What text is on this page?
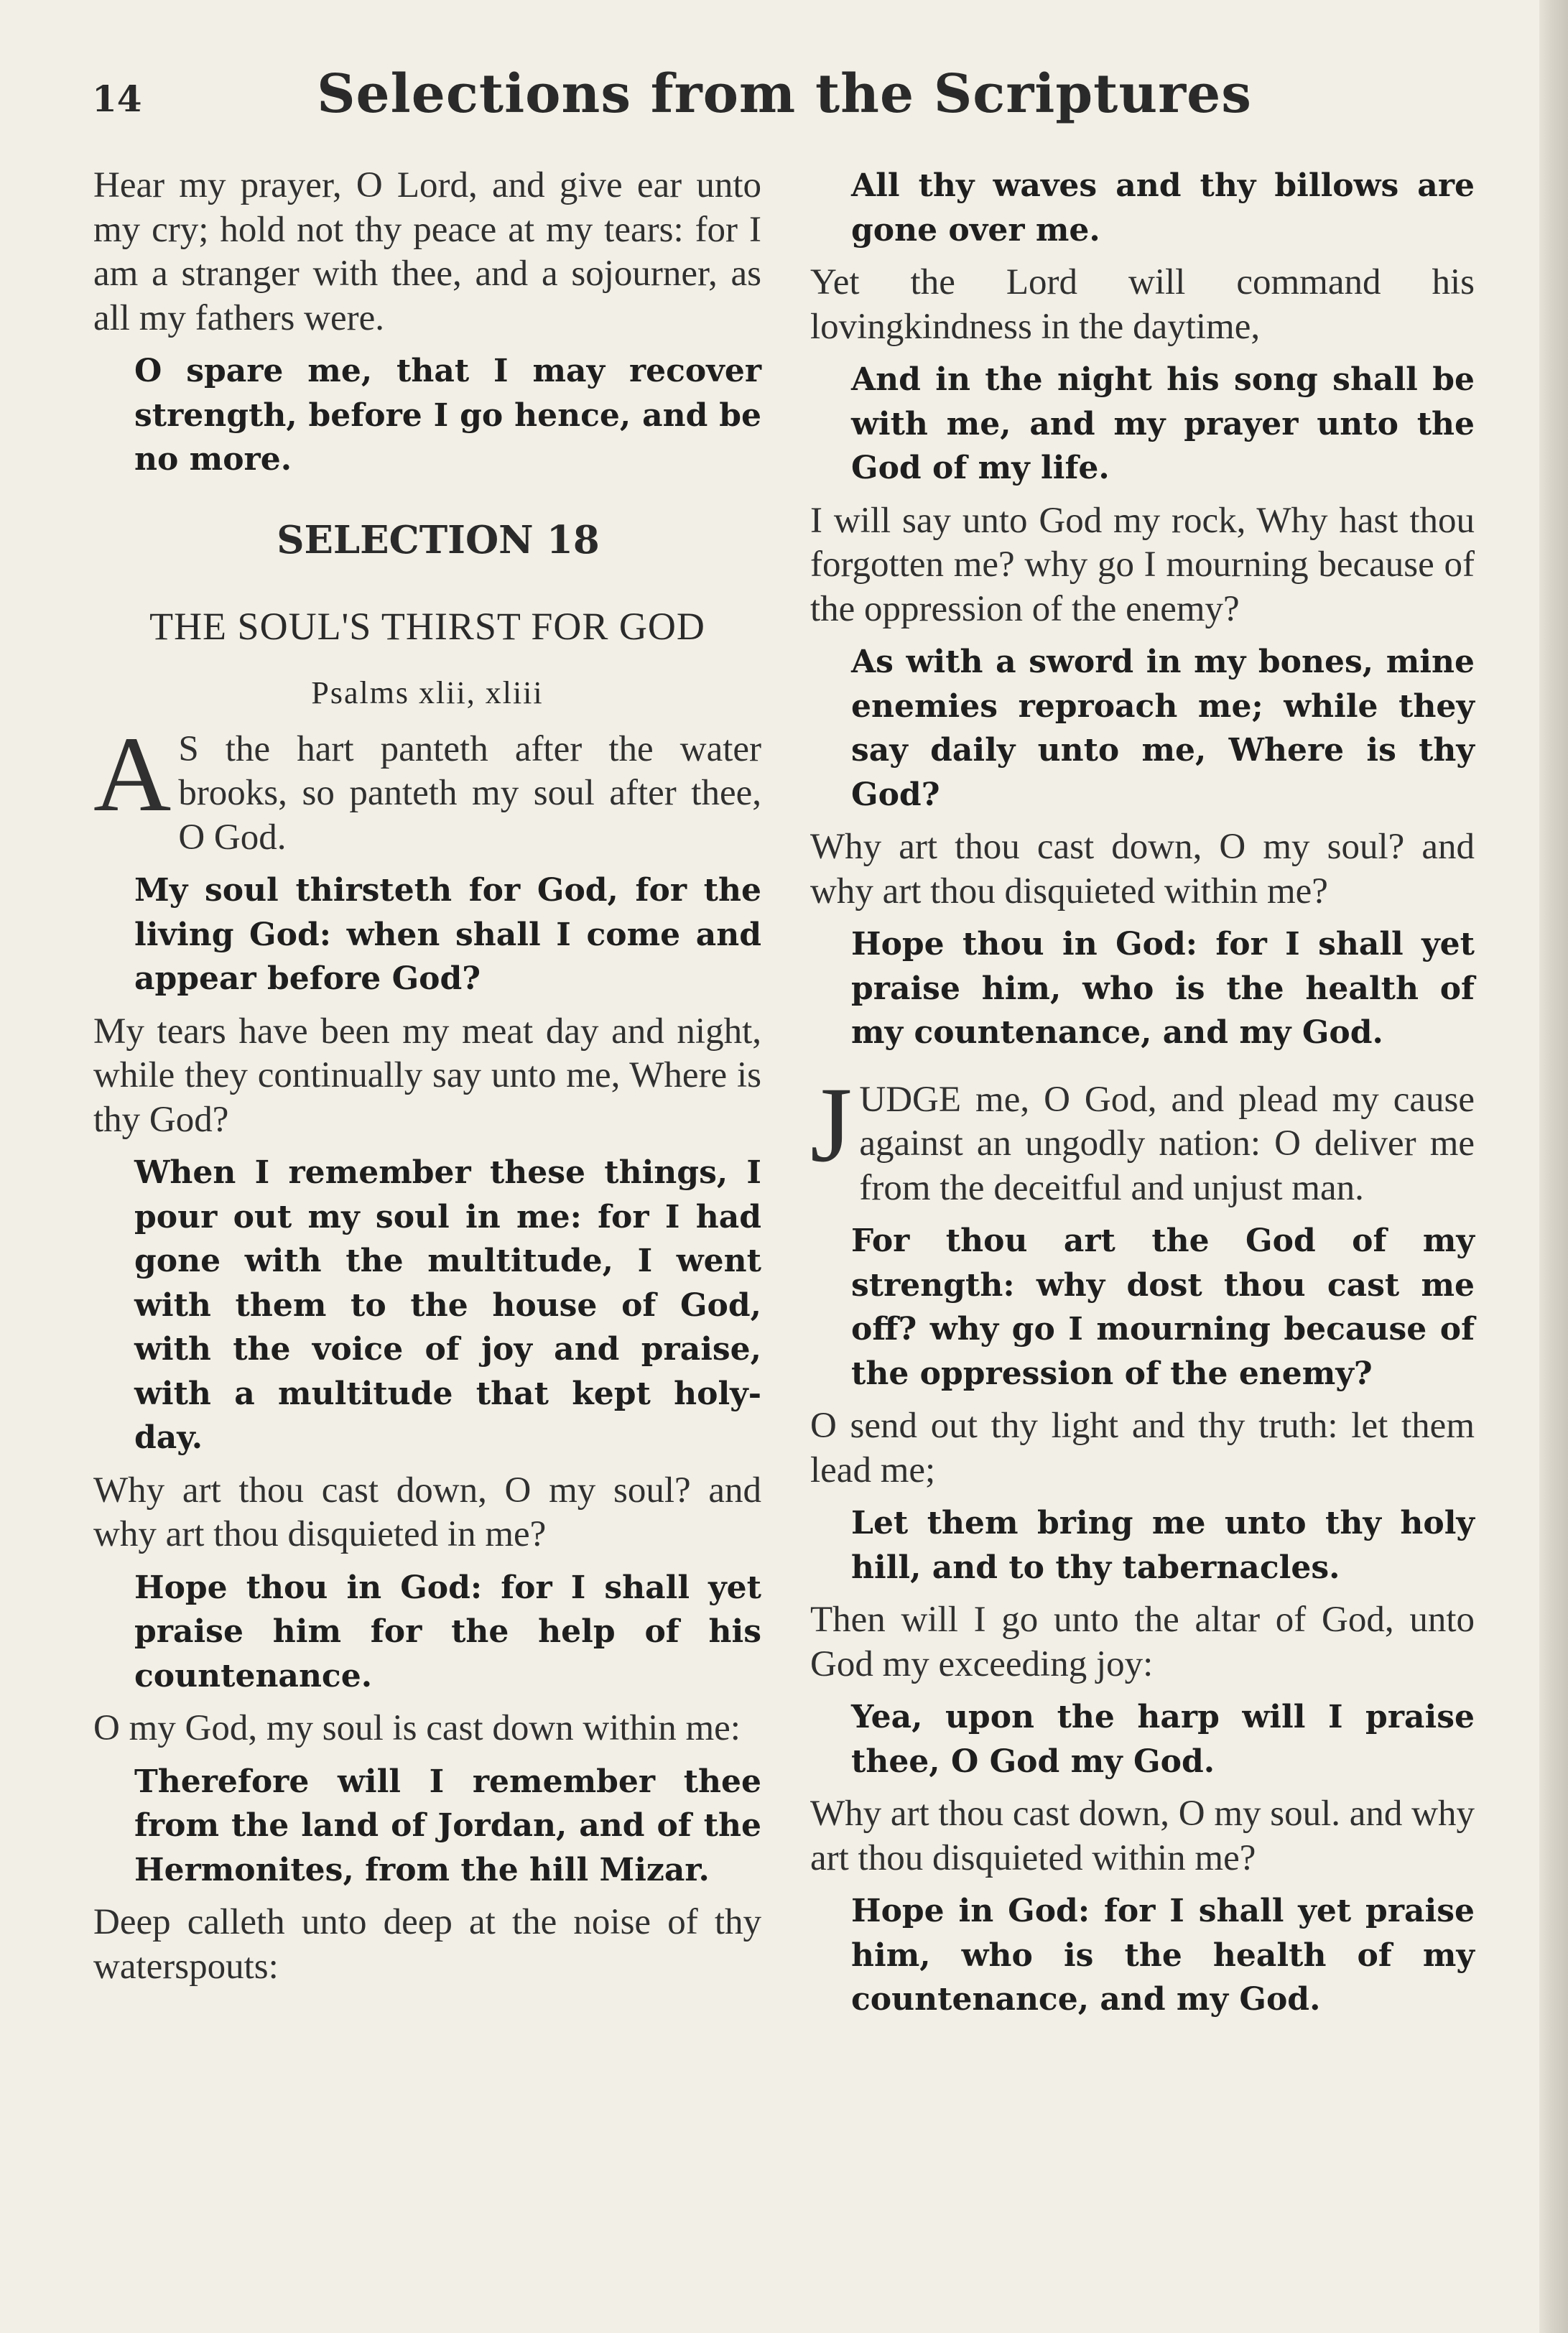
14	Selections from the Scriptures

Hear my prayer, O Lord, and give ear unto my cry; hold not thy peace at my tears: for I am a stranger with thee, and a sojourner, as all my fathers were.

O spare me, that I may recover strength, before I go hence, and be no more.

SELECTION 18
THE SOUL'S THIRST FOR GOD
Psalms xlii, xliii

A S the hart panteth after the water brooks, so panteth my soul after thee, O God.

My soul thirsteth for God, for the living God: when shall I come and appear before God?

My tears have been my meat day and night, while they continually say unto me, Where is thy God?

When I remember these things, I pour out my soul in me: for I had gone with the multitude, I went with them to the house of God, with the voice of joy and praise, with a multitude that kept holy-day.

Why art thou cast down, O my soul? and why art thou disquieted in me?

Hope thou in God: for I shall yet praise him for the help of his countenance.

O my God, my soul is cast down within me:

Therefore will I remember thee from the land of Jordan, and of the Hermonites, from the hill Mizar.

Deep calleth unto deep at the noise of thy waterspouts:

All thy waves and thy billows are gone over me.

Yet the Lord will command his lovingkindness in the daytime,

And in the night his song shall be with me, and my prayer unto the God of my life.

I will say unto God my rock, Why hast thou forgotten me? why go I mourning because of the oppression of the enemy?

As with a sword in my bones, mine enemies reproach me; while they say daily unto me, Where is thy God?

Why art thou cast down, O my soul? and why art thou disquieted within me?

Hope thou in God: for I shall yet praise him, who is the health of my countenance, and my God.

JUDGE me, O God, and plead my cause against an ungodly nation: O deliver me from the deceitful and unjust man.

For thou art the God of my strength: why dost thou cast me off? why go I mourning because of the oppression of the enemy?

O send out thy light and thy truth: let them lead me;

Let them bring me unto thy holy hill, and to thy tabernacles.

Then will I go unto the altar of God, unto God my exceeding joy:

Yea, upon the harp will I praise thee, O God my God.

Why art thou cast down, O my soul. and why art thou disquieted within me?

Hope in God: for I shall yet praise him, who is the health of my countenance, and my God.
